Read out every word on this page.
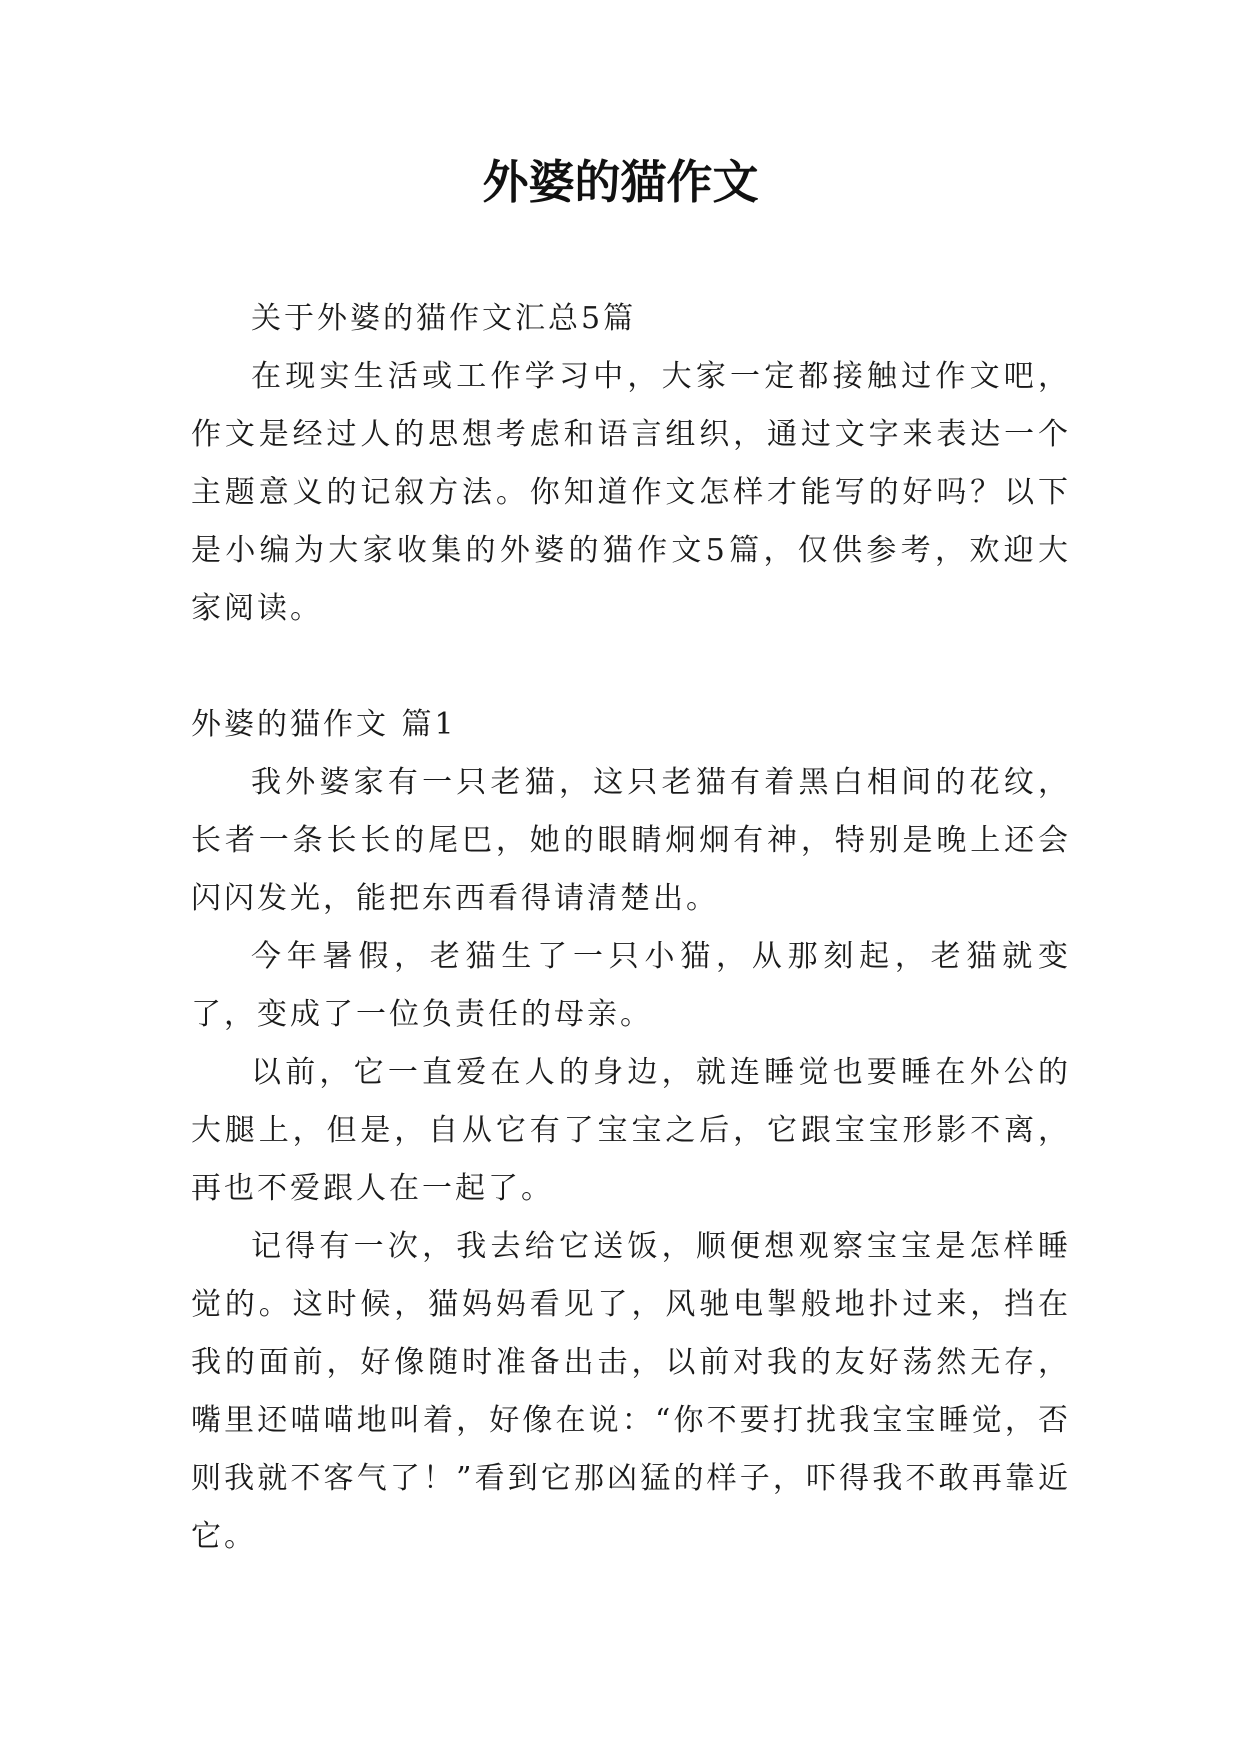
外婆的猫作文

关于外婆的猫作文汇总5篇

在现实生活或工作学习中，大家一定都接触过作文吧，作文是经过人的思想考虑和语言组织，通过文字来表达一个主题意义的记叙方法。你知道作文怎样才能写的好吗？以下是小编为大家收集的外婆的猫作文5篇，仅供参考，欢迎大家阅读。

外婆的猫作文 篇1

我外婆家有一只老猫，这只老猫有着黑白相间的花纹，长者一条长长的尾巴，她的眼睛炯炯有神，特别是晚上还会闪闪发光，能把东西看得请清楚出。

今年暑假，老猫生了一只小猫，从那刻起，老猫就变了，变成了一位负责任的母亲。

以前，它一直爱在人的身边，就连睡觉也要睡在外公的大腿上，但是，自从它有了宝宝之后，它跟宝宝形影不离，再也不爱跟人在一起了。

记得有一次，我去给它送饭，顺便想观察宝宝是怎样睡觉的。这时候，猫妈妈看见了，风驰电掣般地扑过来，挡在我的面前，好像随时准备出击，以前对我的友好荡然无存，嘴里还喵喵地叫着，好像在说：“你不要打扰我宝宝睡觉，否则我就不客气了！”看到它那凶猛的样子，吓得我不敢再靠近它。
